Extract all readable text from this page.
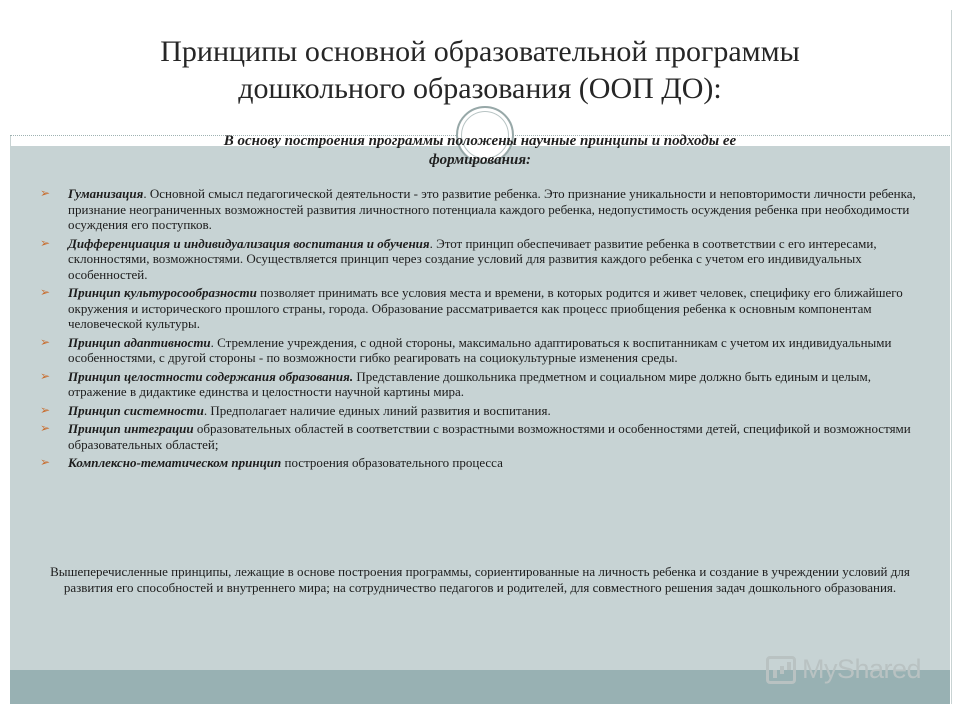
Принципы основной образовательной программы
дошкольного образования (ООП ДО):
В основу построения программы положены научные принципы и подходы ее
формирования:
➢ Гуманизация. Основной смысл педагогической деятельности - это развитие ребенка. Это признание уникальности и неповторимости личности ребенка, признание неограниченных возможностей развития личностного потенциала каждого ребенка, недопустимость осуждения ребенка при необходимости осуждения его поступков.
➢ Дифференциация и индивидуализация воспитания и обучения. Этот принцип обеспечивает развитие ребенка в соответствии с его интересами, склонностями, возможностями. Осуществляется принцип через создание условий для развития каждого ребенка с учетом его индивидуальных особенностей.
➢ Принцип культуросообразности позволяет принимать все условия места и времени, в которых родится и живет человек, специфику его ближайшего окружения и исторического прошлого страны, города. Образование рассматривается как процесс приобщения ребенка к основным компонентам человеческой культуры.
➢ Принцип адаптивности. Стремление учреждения, с одной стороны, максимально адаптироваться к воспитанникам с учетом их индивидуальными особенностями, с другой стороны - по возможности гибко реагировать на социокультурные изменения среды.
➢ Принцип целостности содержания образования. Представление дошкольника предметном и социальном мире должно быть единым и целым, отражение в дидактике единства и целостности научной картины мира.
➢ Принцип системности. Предполагает наличие единых линий развития и воспитания.
➢ Принцип интеграции образовательных областей в соответствии с возрастными возможностями и особенностями детей, спецификой и возможностями образовательных областей;
➢ Комплексно-тематическом принцип построения образовательного процесса
Вышеперечисленные принципы, лежащие в основе построения программы, сориентированные на личность ребенка и создание в учреждении условий для развития его способностей и внутреннего мира; на сотрудничество педагогов и родителей, для совместного решения задач дошкольного образования.
MyShared
